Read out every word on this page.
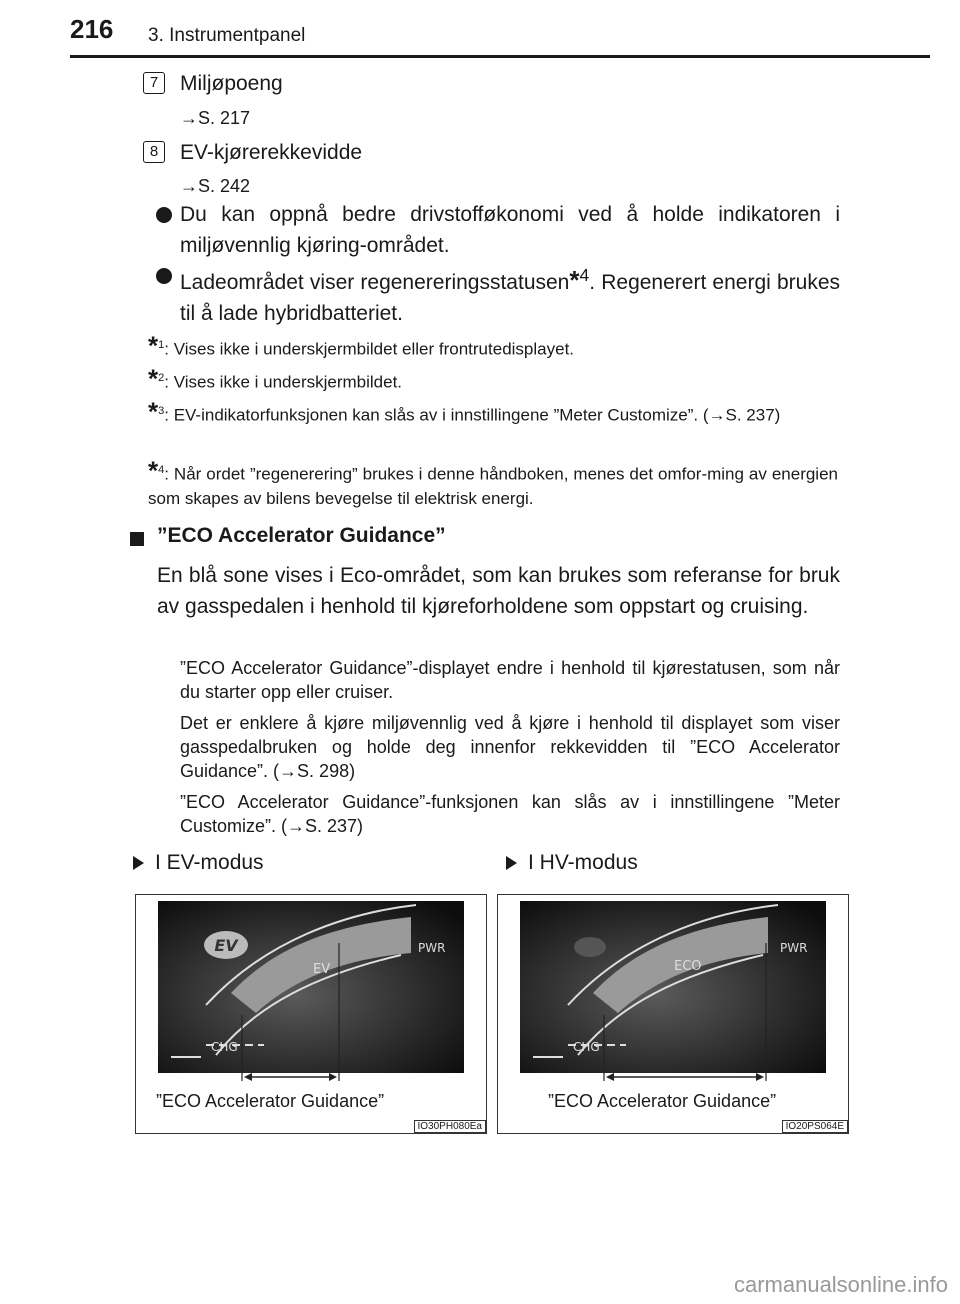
216 3. Instrumentpanel
7	Miljøpoeng
→S. 217
8	EV-kjørerekkevidde
→S. 242
Du kan oppnå bedre drivstofføkonomi ved å holde indikatoren i miljøvennlig kjøring-området.
Ladeområdet viser regenereringsstatusen*$^4$. Regenerert energi brukes til å lade hybridbatteriet.
*$^1$: Vises ikke i underskjermbildet eller frontrutedisplayet.
*$^2$: Vises ikke i underskjermbildet.
*$^3$: EV-indikatorfunksjonen kan slås av i innstillingene ”Meter Customize”. (→S. 237)
*$^4$: Når ordet ”regenerering” brukes i denne håndboken, menes det omfor-ming av energien som skapes av bilens bevegelse til elektrisk energi.
”ECO Accelerator Guidance”
En blå sone vises i Eco-området, som kan brukes som referanse for bruk av gasspedalen i henhold til kjøreforholdene som oppstart og cruising.
”ECO Accelerator Guidance”-displayet endre i henhold til kjørestatusen, som når du starter opp eller cruiser.
Det er enklere å kjøre miljøvennlig ved å kjøre i henhold til displayet som viser gasspedalbruken og holde deg innenfor rekkevidden til ”ECO Accelerator Guidance”. (→S. 298)
”ECO Accelerator Guidance”-funksjonen kan slås av i innstillingene ”Meter Customize”. (→S. 237)
I EV-modus	I HV-modus
EV
EV
PWR
CHG
”ECO Accelerator Guidance”
IO30PH080Ea
ECO
PWR
CHG
”ECO Accelerator Guidance”
IO20PS064E
carmanualsonline.info
